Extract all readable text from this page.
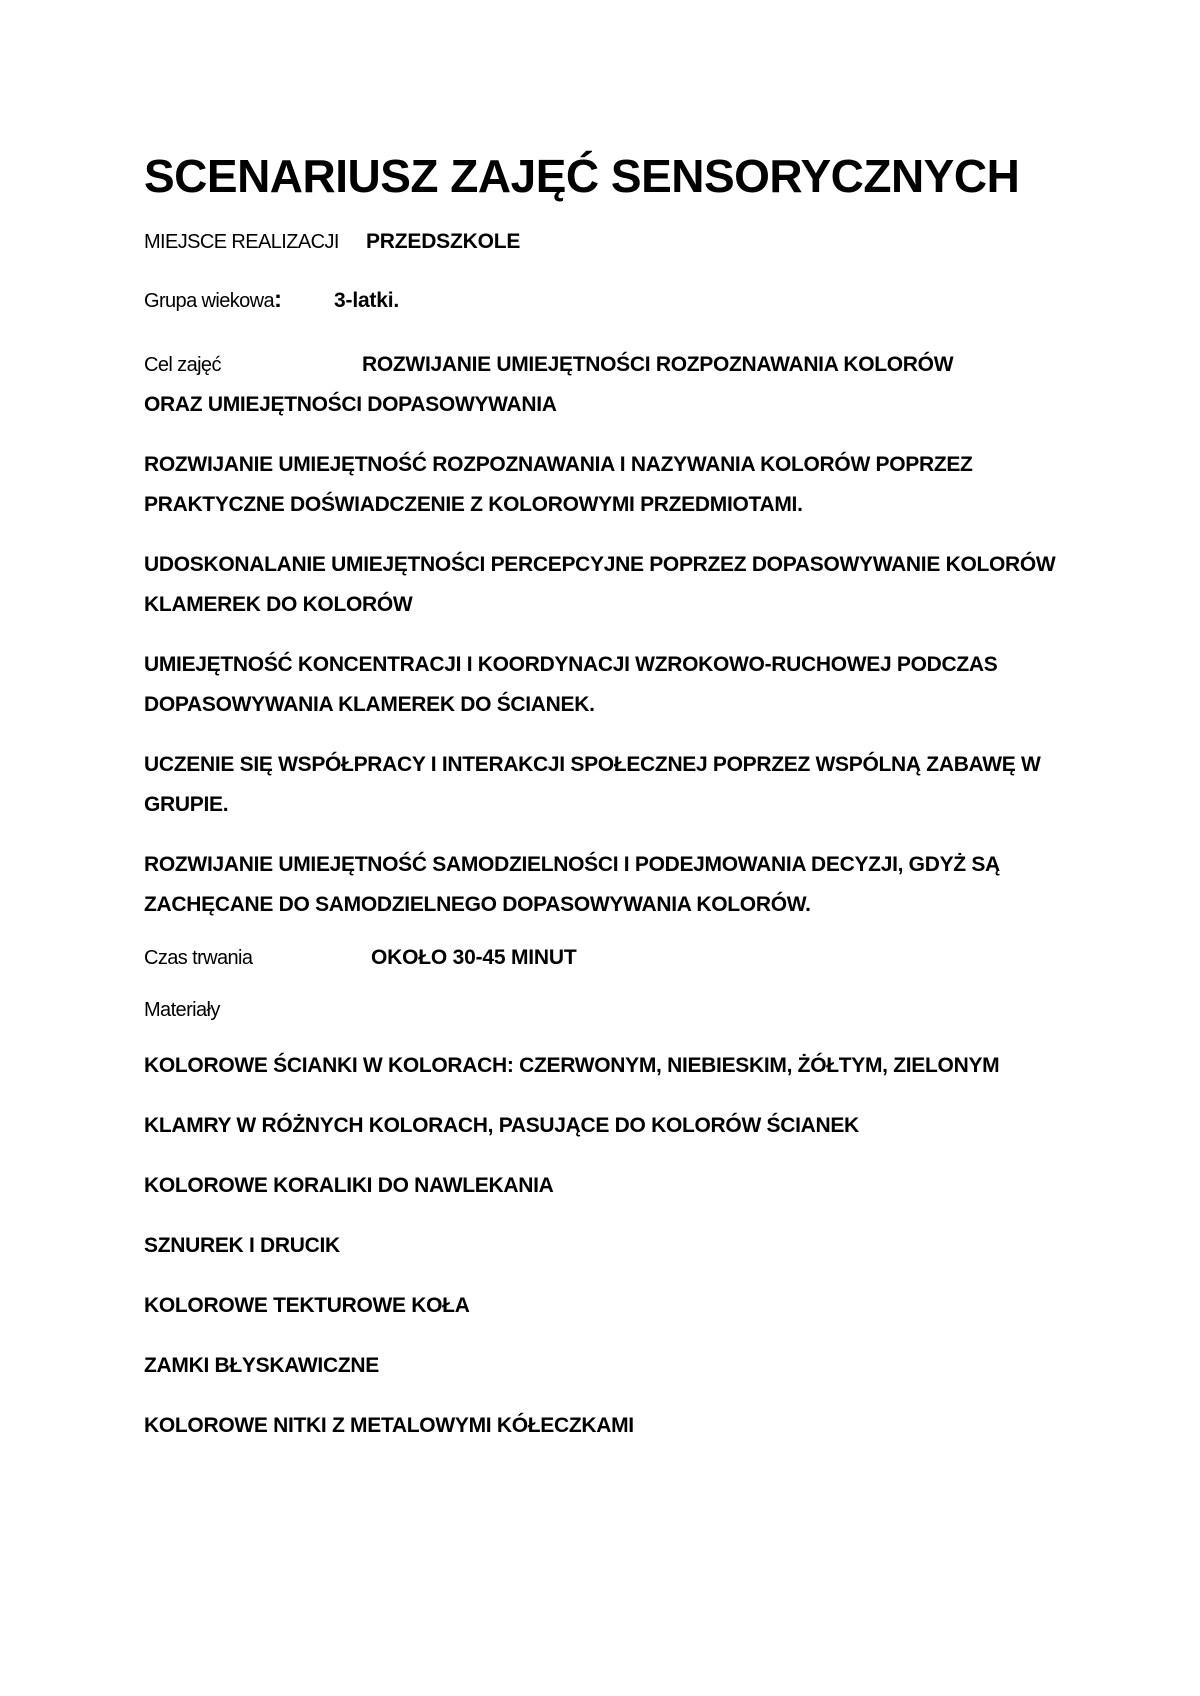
SCENARIUSZ ZAJĘĆ SENSORYCZNYCH
MIEJSCE REALIZACJI	PRZEDSZKOLE
Grupa wiekowa :	3-latki.
Cel zajęć	ROZWIJANIE UMIEJĘTNOŚCI ROZPOZNAWANIA KOLORÓW
ORAZ UMIEJĘTNOŚCI DOPASOWYWANIA
ROZWIJANIE UMIEJĘTNOŚĆ ROZPOZNAWANIA I NAZYWANIA KOLORÓW POPRZEZ PRAKTYCZNE DOŚWIADCZENIE Z KOLOROWYMI PRZEDMIOTAMI.
UDOSKONALANIE UMIEJĘTNOŚCI PERCEPCYJNE POPRZEZ DOPASOWYWANIE KOLORÓW KLAMEREK DO KOLORÓW
UMIEJĘTNOŚĆ KONCENTRACJI I KOORDYNACJI WZROKOWO-RUCHOWEJ PODCZAS DOPASOWYWANIA KLAMEREK DO ŚCIANEK.
UCZENIE SIĘ WSPÓŁPRACY I INTERAKCJI SPOŁECZNEJ POPRZEZ WSPÓLNĄ ZABAWĘ W GRUPIE.
ROZWIJANIE UMIEJĘTNOŚĆ SAMODZIELNOŚCI I PODEJMOWANIA DECYZJI, GDYŻ SĄ ZACHĘCANE DO SAMODZIELNEGO DOPASOWYWANIA KOLORÓW.
Czas trwania	OKOŁO 30-45 MINUT
Materiały
KOLOROWE ŚCIANKI W KOLORACH: CZERWONYM, NIEBIESKIM, ŻÓŁTYM, ZIELONYM
KLAMRY W RÓŻNYCH KOLORACH, PASUJĄCE DO KOLORÓW ŚCIANEK
KOLOROWE KORALIKI DO NAWLEKANIA
SZNUREK I DRUCIK
KOLOROWE TEKTUROWE KOŁA
ZAMKI BŁYSKAWICZNE
KOLOROWE NITKI Z METALOWYMI KÓŁECZKAMI
